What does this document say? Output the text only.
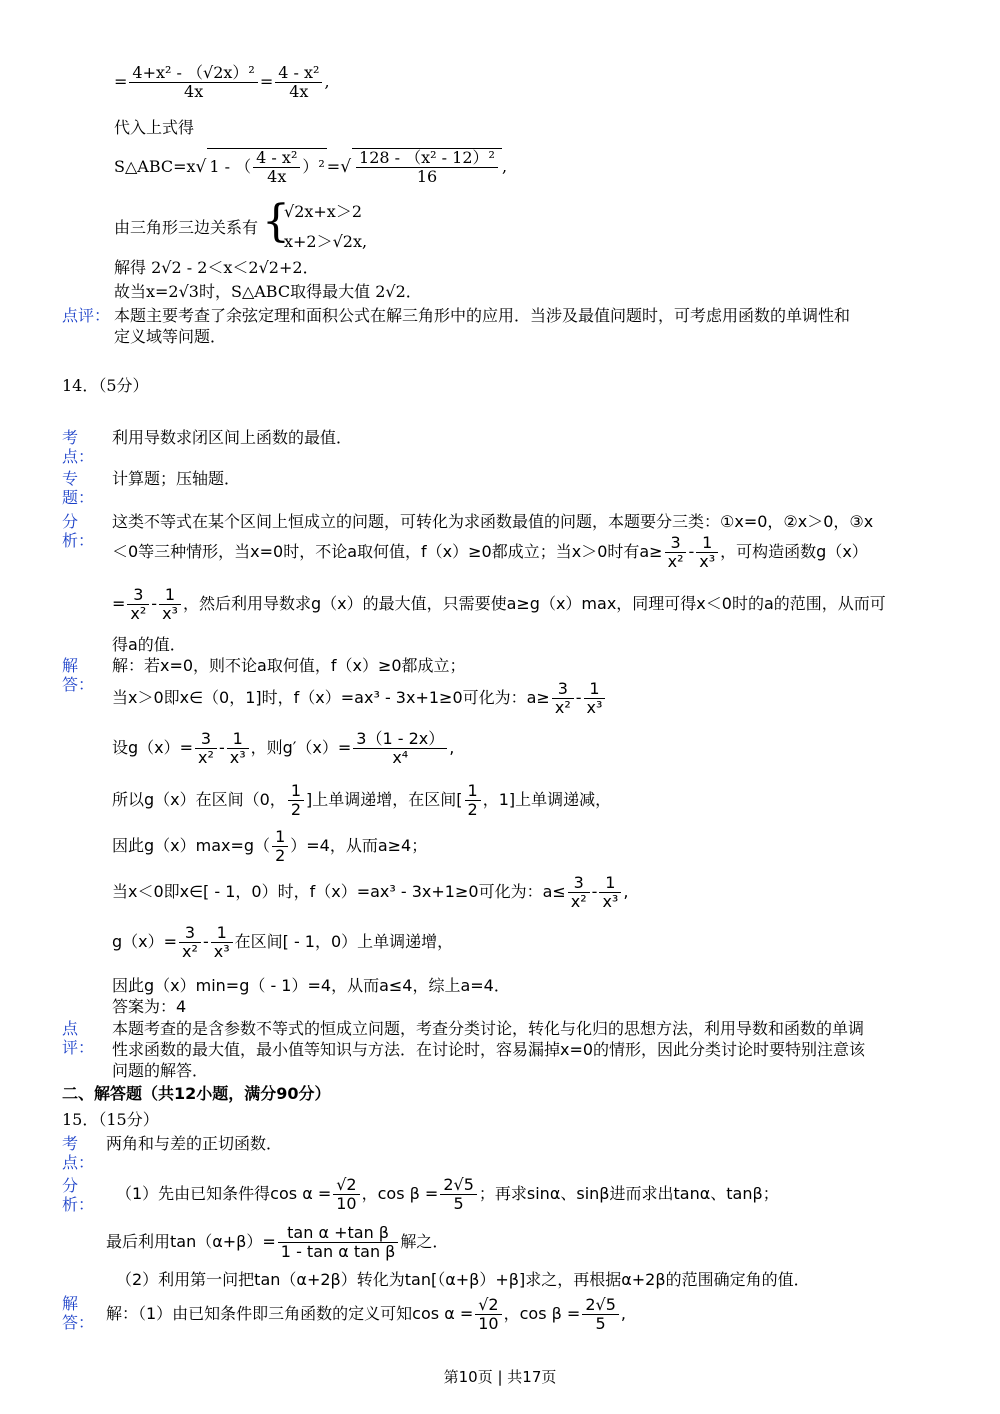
= $\frac{\text{4+x² - （√2x）²}}{4x} = \frac{\text{4 - x²}}{4x}$ ,
代入上式得
S△ABC=x√ 1 - （ $\frac{\text{4 - x²}}{4x} )^2$ =√ $\frac{\text{128 - （x² - 12）²}}{16}$ ,
由三角形三边关系有 {
√2x+x＞2
x+2＞√2x,
解得 2√2 - 2＜x＜2√2+2．
故当x=2√3时，S△ABC取得最大值 2√2．
点评： 本题主要考查了余弦定理和面积公式在解三角形中的应用．当涉及最值问题时，可考虑用函数的单调性和
定义域等问题．
14．（5分）
考
点：
利用导数求闭区间上函数的最值．
专
题：
计算题；压轴题．
分
析：
这类不等式在某个区间上恒成立的问题，可转化为求函数最值的问题，本题要分三类：①x=0，②x＞0，③x
＜0等三种情形，当x=0时，不论a取何值，f（x）≥0都成立；当x＞0时有$a\ge \frac{3}{\text{x²}} - \frac{1}{\text{x³}}$ ，可构造函数g（x）
= $\frac{3}{\text{x²}} - \frac{1}{\text{x³}}$ ，然后利用导数求g（x）的最大值，只需要使a≥g（x）max，同理可得x＜0时的a的范围，从而可
得a的值．
解
答：
解：若x=0，则不论a取何值，f（x）≥0都成立；
当x＞0即x∈（0，1]时，f（x）=ax³ - 3x+1≥0可化为：$a\ge \frac{3}{\text{x²}} - \frac{1}{\text{x³}}$
设$g(x)= \frac{3}{\text{x²}} - \frac{1}{\text{x³}}$ ，则$g'(x)= \frac{3(1 - 2x)}{\text{x⁴}}$ ,
所以g（x）在区间（0， $\frac{1}{2}$ ]上单调递增，在区间[ $\frac{1}{2}$ ，1]上单调递减，
因此$g(x)\max=g( \frac{1}{2} )=4$，从而a≥4；
当x＜0即x∈[ - 1，0）时，f（x）=ax³ - 3x+1≥0可化为：$a\le \frac{3}{\text{x²}} - \frac{1}{\text{x³}}$ ,
$g(x)= \frac{3}{\text{x²}} - \frac{1}{\text{x³}}$ 在区间[ - 1，0）上单调递增，
因此g（x）min=g（ - 1）=4，从而a≤4，综上a=4．
答案为：4
点
评：
本题考查的是含参数不等式的恒成立问题，考查分类讨论，转化与化归的思想方法，利用导数和函数的单调
性求函数的最大值，最小值等知识与方法．在讨论时，容易漏掉x=0的情形，因此分类讨论时要特别注意该
问题的解答．
二、解答题（共12小题，满分90分）
15．（15分）
考
点：
两角和与差的正切函数．
分
析：
（1）先由已知条件得$\cos \alpha = \frac{√2}{10}$ ，$\cos \beta = \frac{2√5}{5}$ ；再求sinα、sinβ进而求出tanα、tanβ；
最后利用$\tan(\alpha+\beta)= \frac{\text{tan α +tan β}}{\text{1 - tan α tan β}}$ 解之．
（2）利用第一问把tan（α+2β）转化为tan[（α+β）+β]求之，再根据α+2β的范围确定角的值．
解
答： 解：（1）由已知条件即三角函数的定义可知$\cos \alpha = \frac{√2}{10}$ ，$\cos \beta = \frac{2√5}{5}$ ,
第10页 | 共17页
